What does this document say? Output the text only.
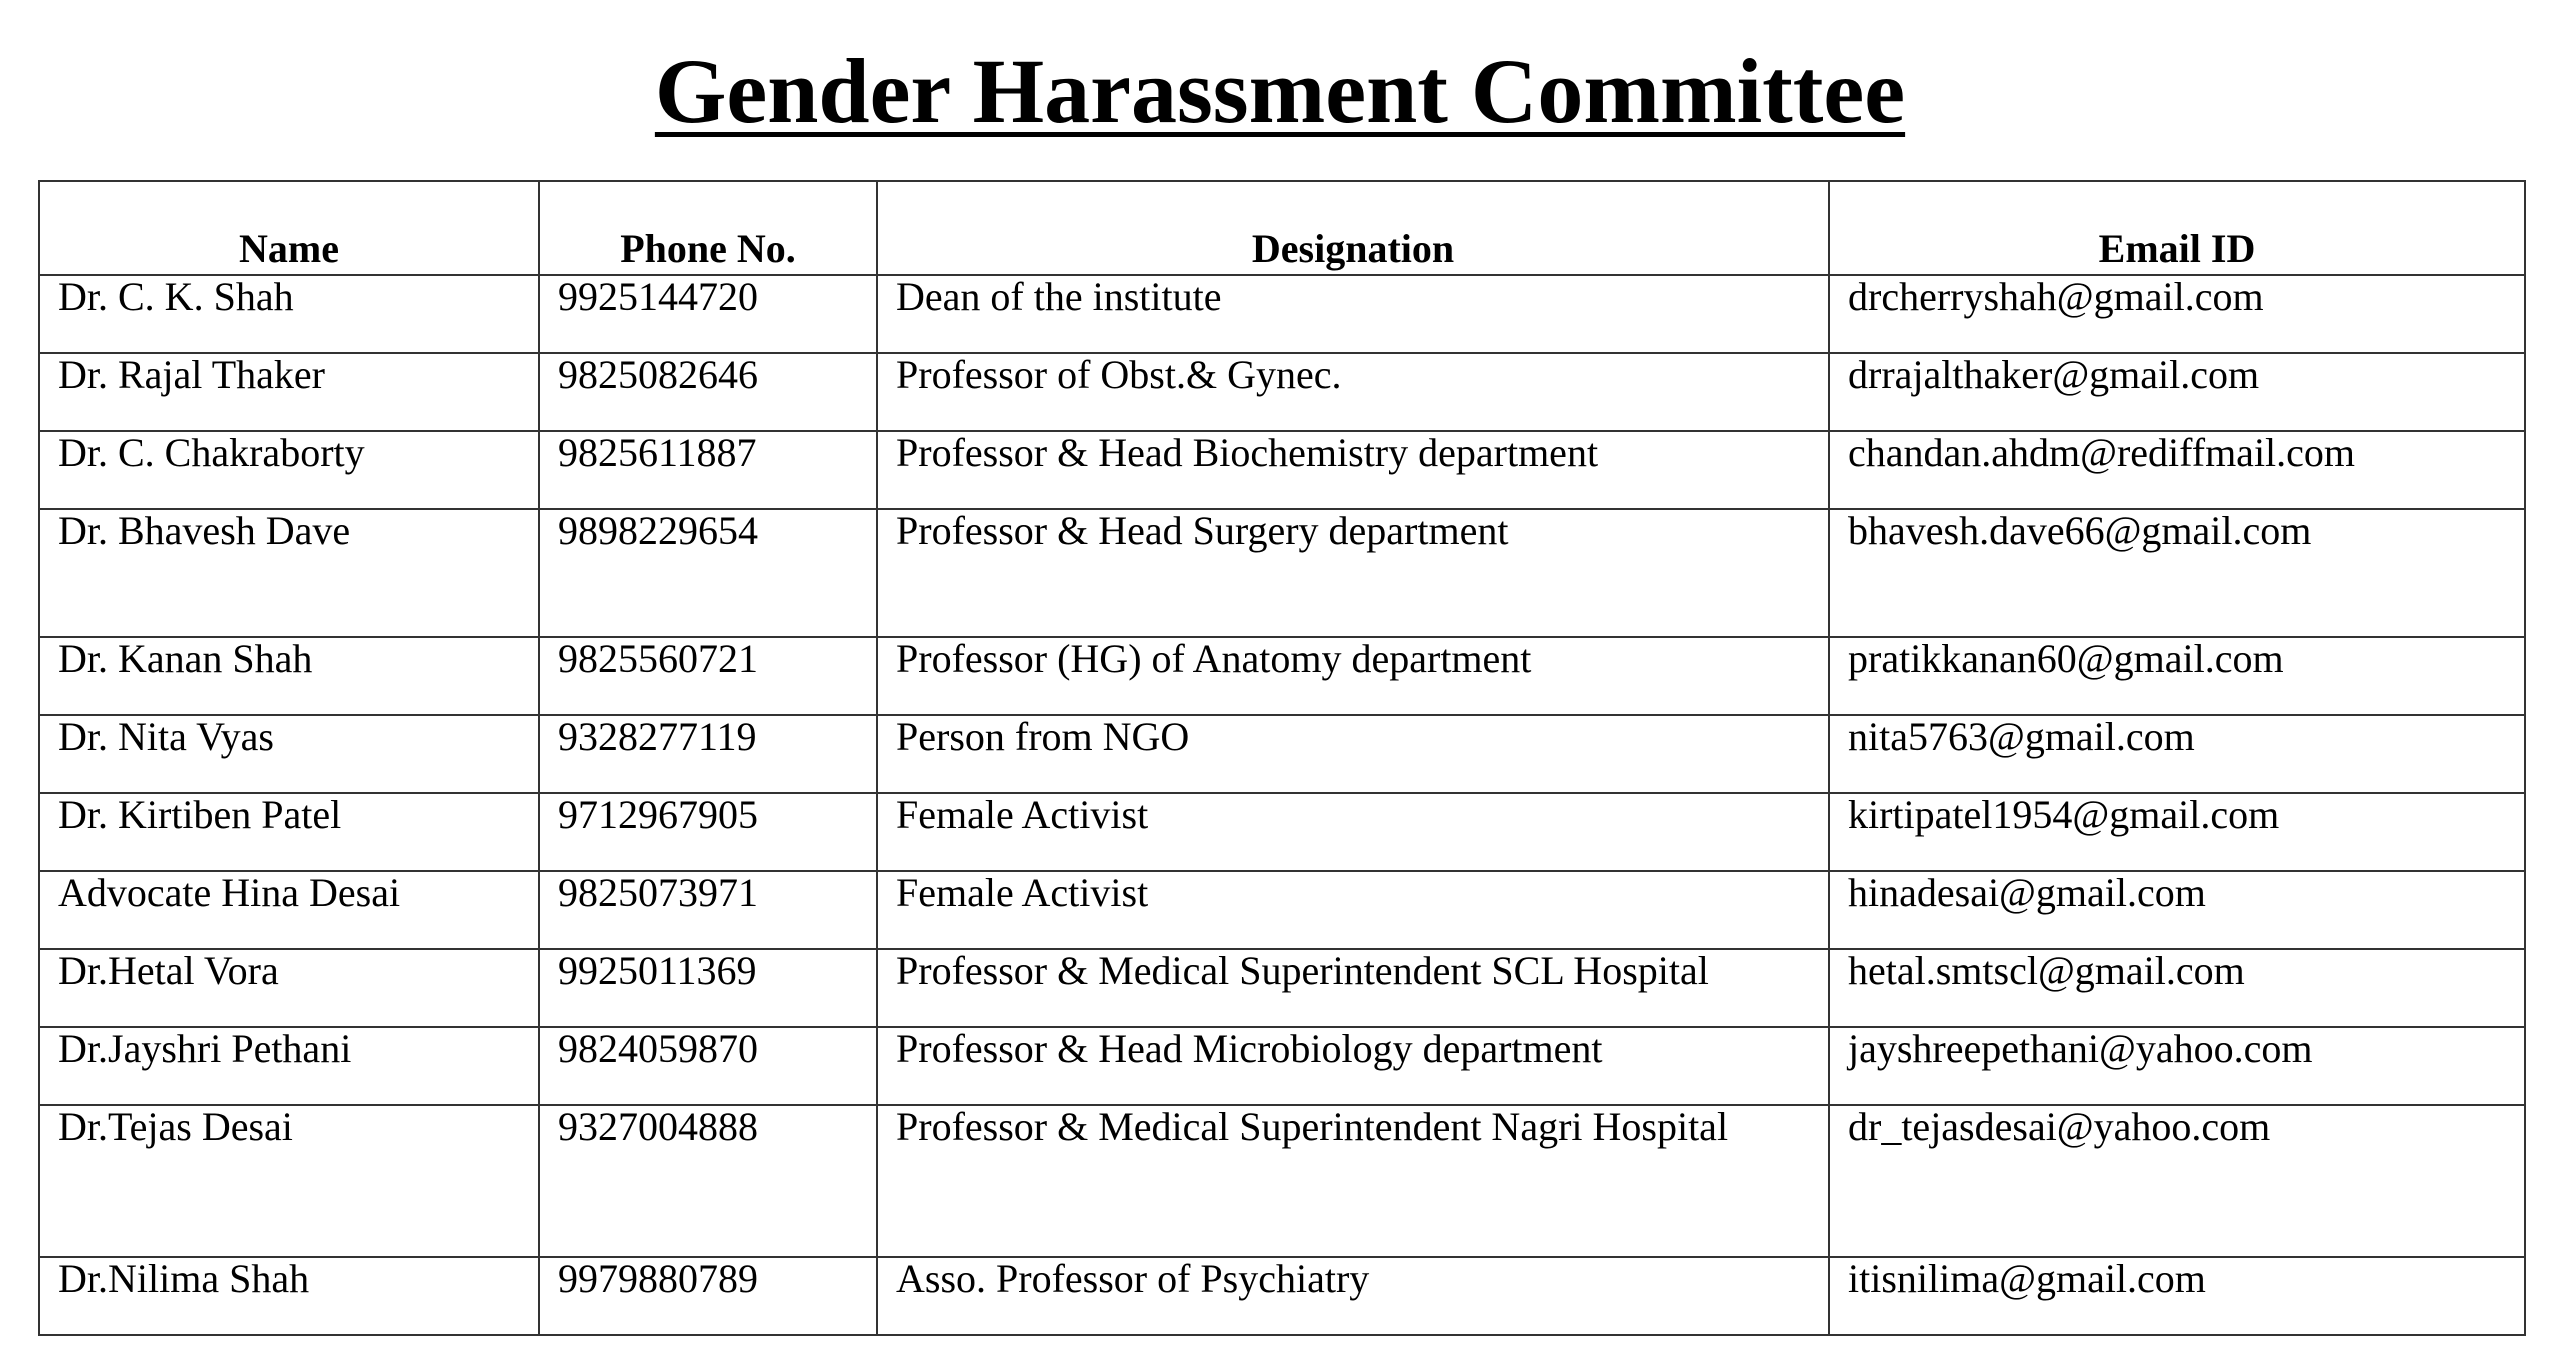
Gender Harassment Committee
Name	Phone No.	Designation	Email ID

Dr. C. K. Shah	9925144720	Dean of the institute	drcherryshah@gmail.com

Dr. Rajal Thaker	9825082646	Professor of Obst.& Gynec.	drrajalthaker@gmail.com

Dr. C. Chakraborty	9825611887	Professor & Head Biochemistry department	chandan.ahdm@rediffmail.com

Dr. Bhavesh Dave	9898229654	Professor & Head Surgery department	bhavesh.dave66@gmail.com

Dr. Kanan Shah	9825560721	Professor (HG) of Anatomy department	pratikkanan60@gmail.com

Dr. Nita Vyas	9328277119	Person from NGO	nita5763@gmail.com

Dr. Kirtiben Patel	9712967905	Female Activist	kirtipatel1954@gmail.com

Advocate Hina Desai	9825073971	Female Activist	hinadesai@gmail.com

Dr.Hetal Vora	9925011369	Professor & Medical Superintendent SCL Hospital	hetal.smtscl@gmail.com

Dr.Jayshri Pethani	9824059870	Professor & Head Microbiology department	jayshreepethani@yahoo.com

Dr.Tejas Desai	9327004888	Professor & Medical Superintendent Nagri Hospital	dr_tejasdesai@yahoo.com

Dr.Nilima Shah	9979880789	Asso. Professor of Psychiatry	itisnilima@gmail.com
